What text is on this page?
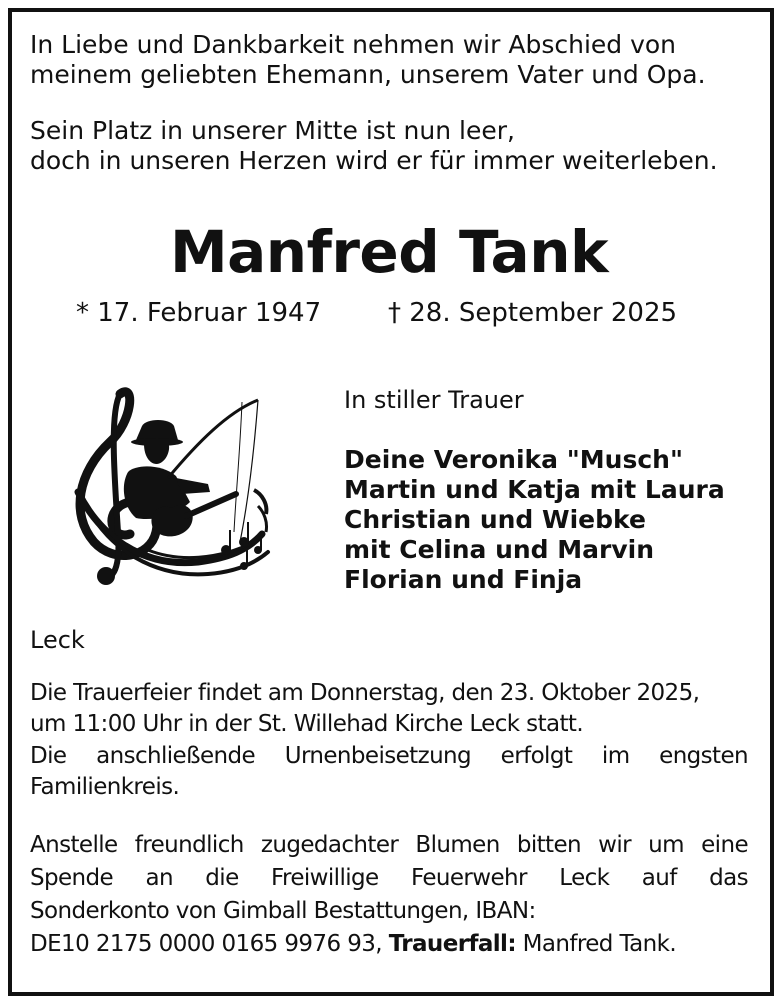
In Liebe und Dankbarkeit nehmen wir Abschied von
meinem geliebten Ehemann, unserem Vater und Opa.
Sein Platz in unserer Mitte ist nun leer,
doch in unseren Herzen wird er für immer weiterleben.
Manfred Tank
* 17. Februar 1947	† 28. September 2025
In stiller Trauer
Deine Veronika "Musch"
Martin und Katja mit Laura
Christian und Wiebke
mit Celina und Marvin
Florian und Finja
Leck
Die Trauerfeier findet am Donnerstag, den 23. Oktober 2025,
um 11:00 Uhr in der St. Willehad Kirche Leck statt.
Die anschließende Urnenbeisetzung erfolgt im engsten
Familienkreis.
Anstelle freundlich zugedachter Blumen bitten wir um eine
Spende an die Freiwillige Feuerwehr Leck auf das
Sonderkonto von Gimball Bestattungen, IBAN:
DE10 2175 0000 0165 9976 93, Trauerfall: Manfred Tank.
